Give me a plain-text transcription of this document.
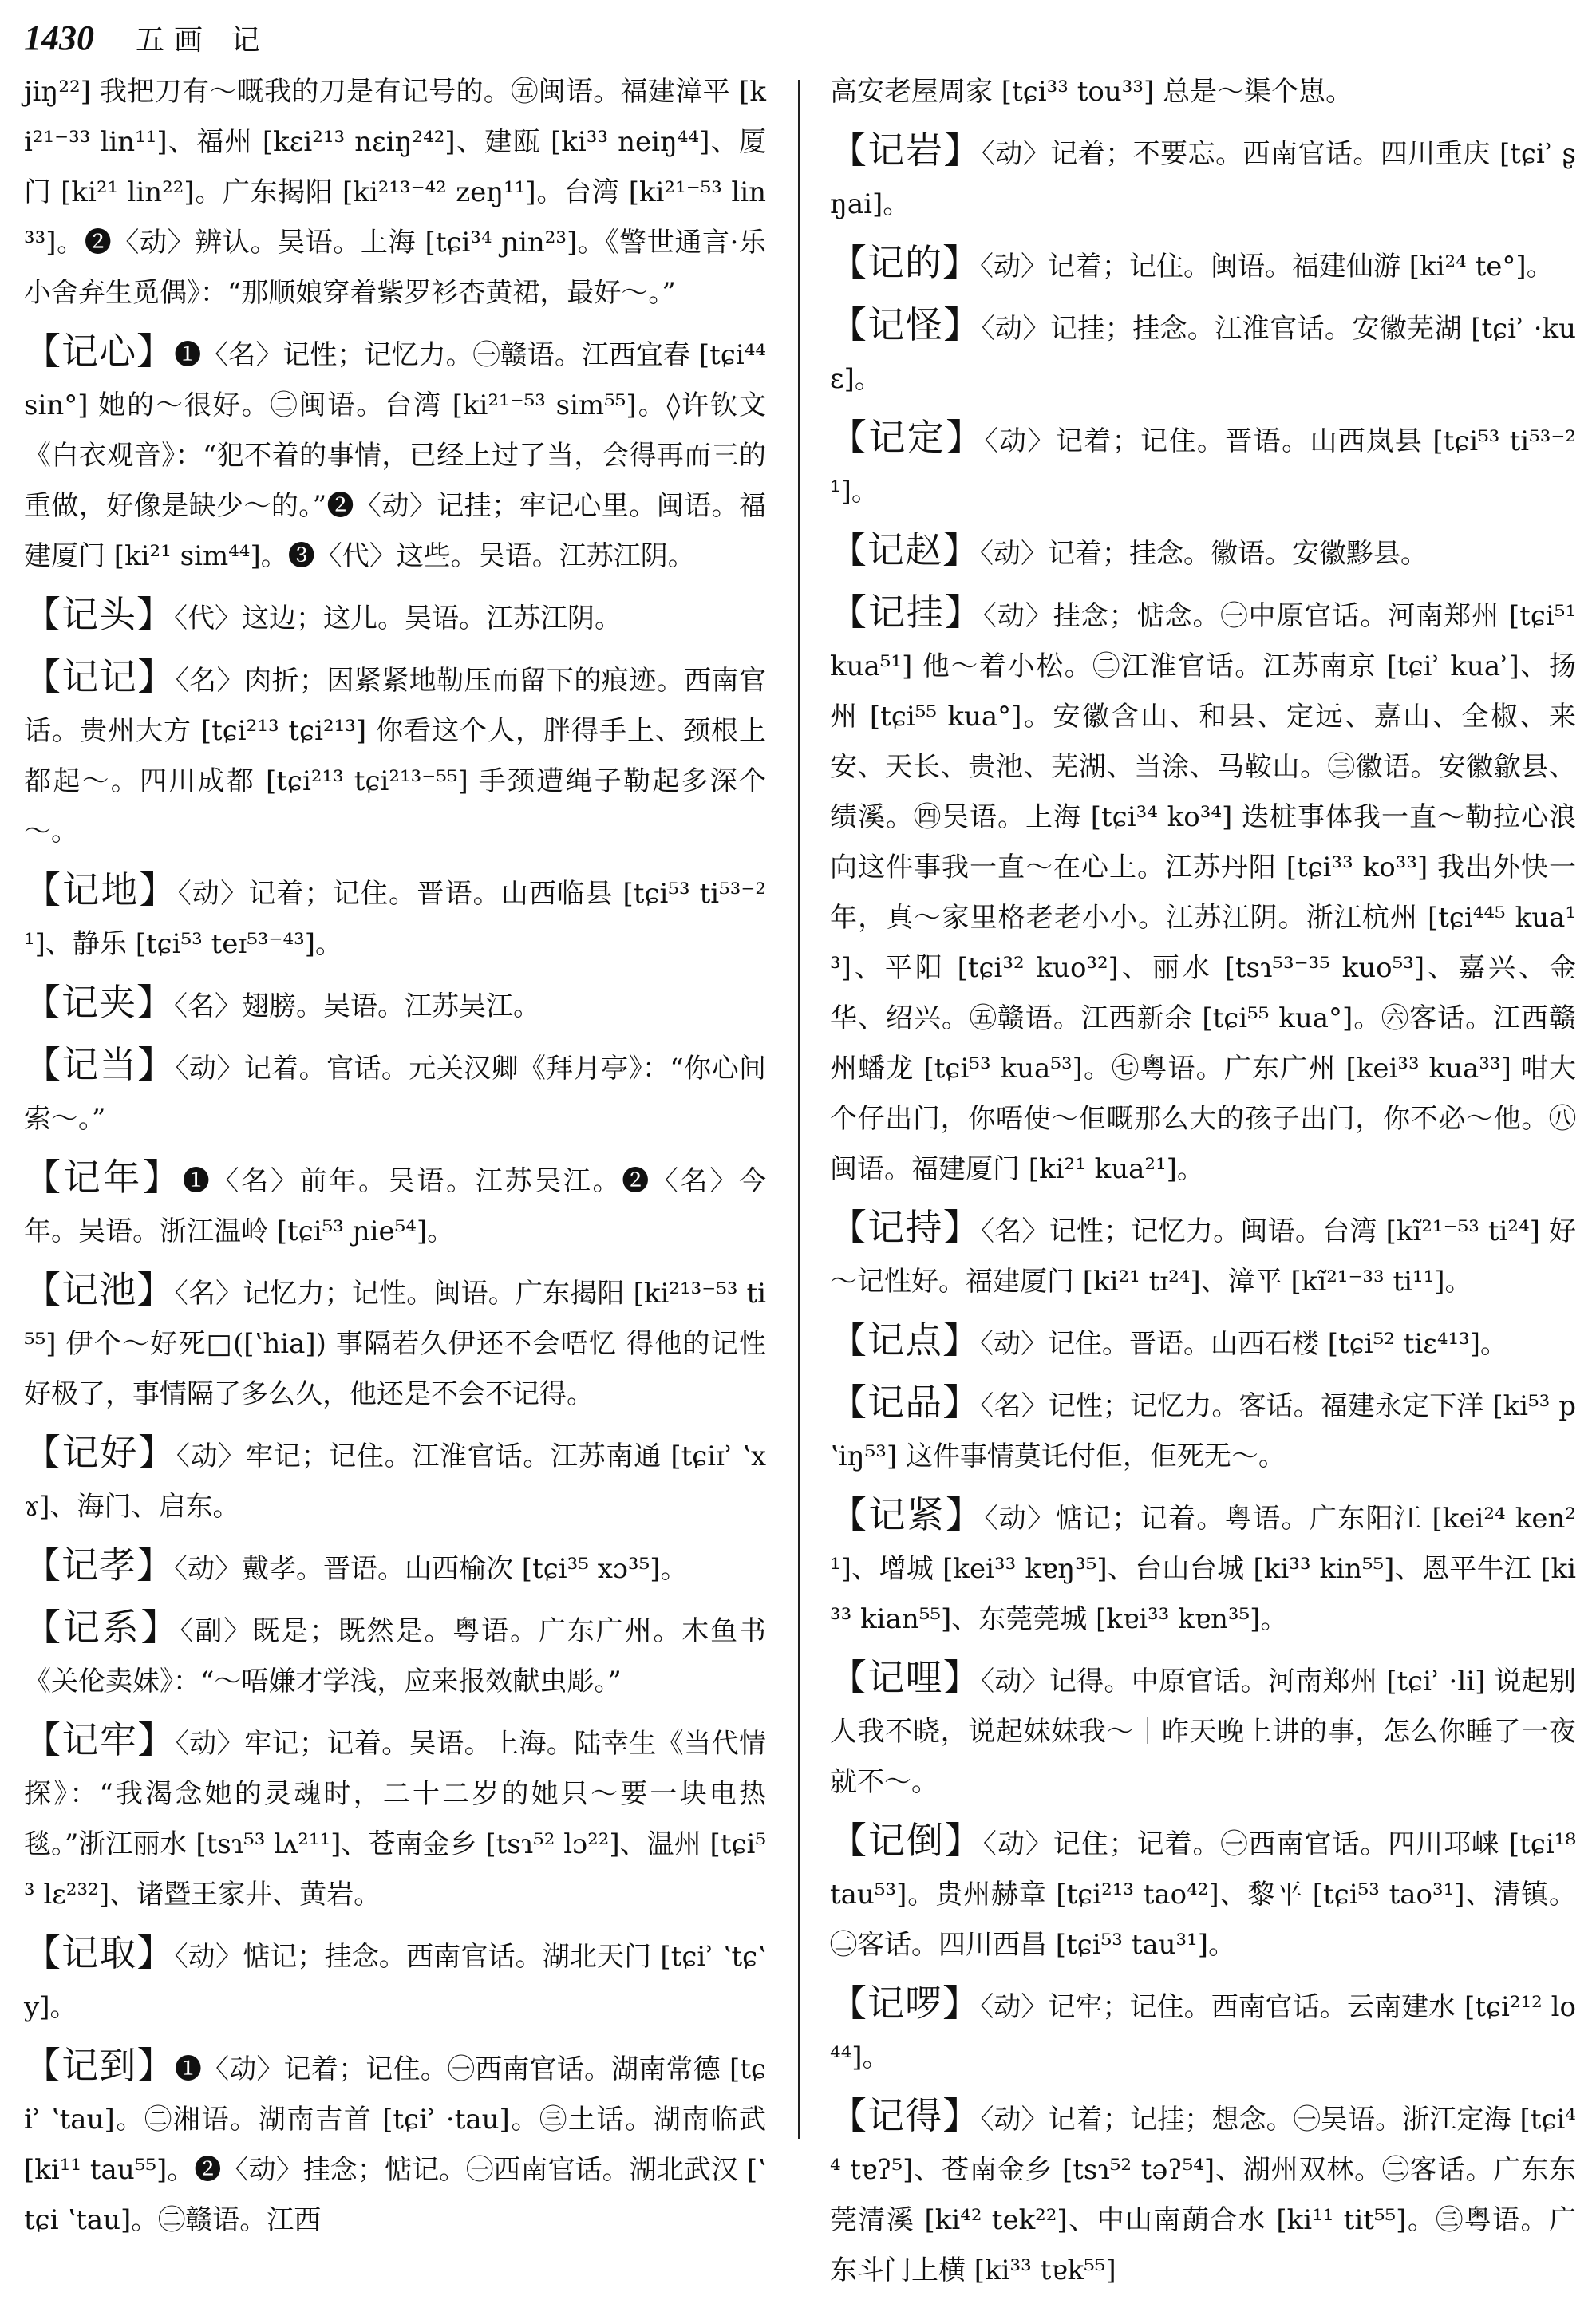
1430 五画 记
jiŋ²²] 我把刀有～嘅我的刀是有记号的。㊄闽语。福建漳平 [ki²¹⁻³³ lin¹¹]、福州 [kɛi²¹³ nɛiŋ²⁴²]、建瓯 [ki³³ neiŋ⁴⁴]、厦门 [ki²¹ lin²²]。广东揭阳 [ki²¹³⁻⁴² zeŋ¹¹]。台湾 [ki²¹⁻⁵³ lin³³]。❷〈动〉辨认。吴语。上海 [tɕi³⁴ ɲin²³]。《警世通言·乐小舍弃生觅偶》：“那顺娘穿着紫罗衫杏黄裙，最好～。”
【记心】❶〈名〉记性；记忆力。㊀赣语。江西宜春 [tɕi⁴⁴ sin°] 她的～很好。㊁闽语。台湾 [ki²¹⁻⁵³ sim⁵⁵]。◊许钦文《白衣观音》：“犯不着的事情，已经上过了当，会得再而三的重做，好像是缺少～的。”❷〈动〉记挂；牢记心里。闽语。福建厦门 [ki²¹ sim⁴⁴]。❸〈代〉这些。吴语。江苏江阴。
【记头】〈代〉这边；这儿。吴语。江苏江阴。
【记记】〈名〉肉折；因紧紧地勒压而留下的痕迹。西南官话。贵州大方 [tɕi²¹³ tɕi²¹³] 你看这个人，胖得手上、颈根上都起～。四川成都 [tɕi²¹³ tɕi²¹³⁻⁵⁵] 手颈遭绳子勒起多深个～。
【记地】〈动〉记着；记住。晋语。山西临县 [tɕi⁵³ ti⁵³⁻²¹]、静乐 [tɕi⁵³ teɪ⁵³⁻⁴³]。
【记夹】〈名〉翅膀。吴语。江苏吴江。
【记当】〈动〉记着。官话。元关汉卿《拜月亭》：“你心间索～。”
【记年】❶〈名〉前年。吴语。江苏吴江。❷〈名〉今年。吴语。浙江温岭 [tɕi⁵³ ɲie⁵⁴]。
【记池】〈名〉记忆力；记性。闽语。广东揭阳 [ki²¹³⁻⁵³ ti⁵⁵] 伊个～好死□([ʽhia]) 事隔若久伊还不会唔忆 得他的记性好极了，事情隔了多么久，他还是不会不记得。
【记好】〈动〉牢记；记住。江淮官话。江苏南通 [tɕiɪʾ ʽxɤ]、海门、启东。
【记孝】〈动〉戴孝。晋语。山西榆次 [tɕi³⁵ xɔ³⁵]。
【记系】〈副〉既是；既然是。粤语。广东广州。木鱼书《关伦卖妹》：“～唔嫌才学浅，应来报效献虫彫。”
【记牢】〈动〉牢记；记着。吴语。上海。陆幸生《当代情探》：“我渴念她的灵魂时，二十二岁的她只～要一块电热毯。”浙江丽水 [tsɿ⁵³ lʌ²¹¹]、苍南金乡 [tsɿ⁵² lɔ²²]、温州 [tɕi⁵³ lɛ²³²]、诸暨王家井、黄岩。
【记取】〈动〉惦记；挂念。西南官话。湖北天门 [tɕiʾ ʽtɕʽy]。
【记到】❶〈动〉记着；记住。㊀西南官话。湖南常德 [tɕiʾ ʽtau]。㊁湘语。湖南吉首 [tɕiʾ ·tau]。㊂土话。湖南临武 [ki¹¹ tau⁵⁵]。❷〈动〉挂念；惦记。㊀西南官话。湖北武汉 [ʽtɕi ʽtau]。㊁赣语。江西
高安老屋周家 [tɕi³³ tou³³] 总是～渠个崽。
【记岩】〈动〉记着；不要忘。西南官话。四川重庆 [tɕiʾ ʂŋai]。
【记的】〈动〉记着；记住。闽语。福建仙游 [ki²⁴ te°]。
【记怪】〈动〉记挂；挂念。江淮官话。安徽芜湖 [tɕiʾ ·kuɛ]。
【记定】〈动〉记着；记住。晋语。山西岚县 [tɕi⁵³ ti⁵³⁻²¹]。
【记赵】〈动〉记着；挂念。徽语。安徽黟县。
【记挂】〈动〉挂念；惦念。㊀中原官话。河南郑州 [tɕi⁵¹ kua⁵¹] 他～着小松。㊁江淮官话。江苏南京 [tɕiʾ kuaʾ]、扬州 [tɕi⁵⁵ kua°]。安徽含山、和县、定远、嘉山、全椒、来安、天长、贵池、芜湖、当涂、马鞍山。㊂徽语。安徽歙县、绩溪。㊃吴语。上海 [tɕi³⁴ ko³⁴] 迭桩事体我一直～勒拉心浪向这件事我一直～在心上。江苏丹阳 [tɕi³³ ko³³] 我出外快一年，真～家里格老老小小。江苏江阴。浙江杭州 [tɕi⁴⁴⁵ kua¹³]、平阳 [tɕi³² kuo³²]、丽水 [tsɿ⁵³⁻³⁵ kuo⁵³]、嘉兴、金华、绍兴。㊄赣语。江西新余 [tɕi⁵⁵ kua°]。㊅客话。江西赣州蟠龙 [tɕi⁵³ kua⁵³]。㊆粤语。广东广州 [kei³³ kua³³] 咁大个仔出门，你唔使～佢嘅那么大的孩子出门，你不必～他。㊇闽语。福建厦门 [ki²¹ kua²¹]。
【记持】〈名〉记性；记忆力。闽语。台湾 [kĩ²¹⁻⁵³ ti²⁴] 好～记性好。福建厦门 [ki²¹ tɪ²⁴]、漳平 [kĩ²¹⁻³³ ti¹¹]。
【记点】〈动〉记住。晋语。山西石楼 [tɕi⁵² tiɛ⁴¹³]。
【记品】〈名〉记性；记忆力。客话。福建永定下洋 [ki⁵³ pʽiŋ⁵³] 这件事情莫讬付佢，佢死无～。
【记紧】〈动〉惦记；记着。粤语。广东阳江 [kei²⁴ ken²¹]、增城 [kei³³ kɐŋ³⁵]、台山台城 [ki³³ kin⁵⁵]、恩平牛江 [ki³³ kian⁵⁵]、东莞莞城 [kɐi³³ kɐn³⁵]。
【记哩】〈动〉记得。中原官话。河南郑州 [tɕiʾ ·li] 说起别人我不晓，说起妹妹我～｜昨天晚上讲的事，怎么你睡了一夜就不～。
【记倒】〈动〉记住；记着。㊀西南官话。四川邛崃 [tɕi¹⁸ tau⁵³]。贵州赫章 [tɕi²¹³ tao⁴²]、黎平 [tɕi⁵³ tao³¹]、清镇。㊁客话。四川西昌 [tɕi⁵³ tau³¹]。
【记啰】〈动〉记牢；记住。西南官话。云南建水 [tɕi²¹² lo⁴⁴]。
【记得】〈动〉记着；记挂；想念。㊀吴语。浙江定海 [tɕi⁴⁴ tɐʔ⁵]、苍南金乡 [tsɿ⁵² təʔ⁵⁴]、湖州双林。㊁客话。广东东莞清溪 [ki⁴² tek²²]、中山南蓢合水 [ki¹¹ tit⁵⁵]。㊂粤语。广东斗门上横 [ki³³ tɐk⁵⁵]
